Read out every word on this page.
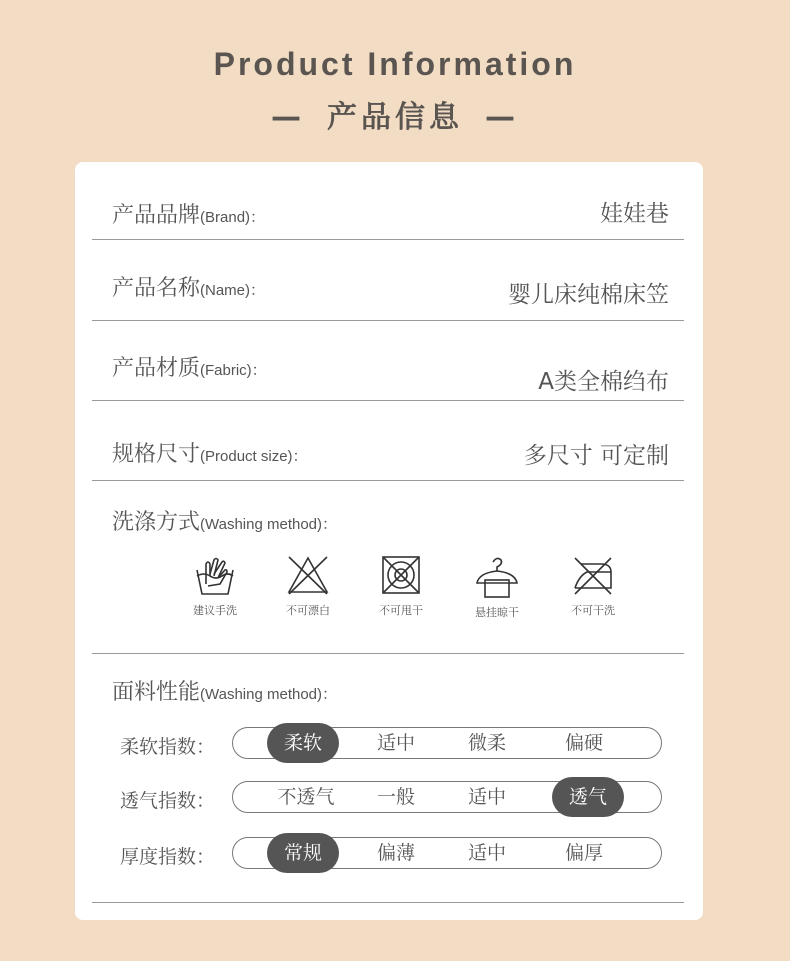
Product Information
— 产品信息 —
产品品牌(Brand)：	娃娃巷
产品名称(Name)：	婴儿床纯棉床笠
产品材质(Fabric)：	A类全棉绉布
规格尺寸(Product size)：	多尺寸 可定制
洗涤方式(Washing method)：
建议手洗	不可漂白	不可甩干	悬挂晾干	不可干洗
面料性能(Washing method)：
柔软指数：	柔软	适中	微柔	偏硬
透气指数：	不透气	一般	适中	透气
厚度指数：	常规	偏薄	适中	偏厚
